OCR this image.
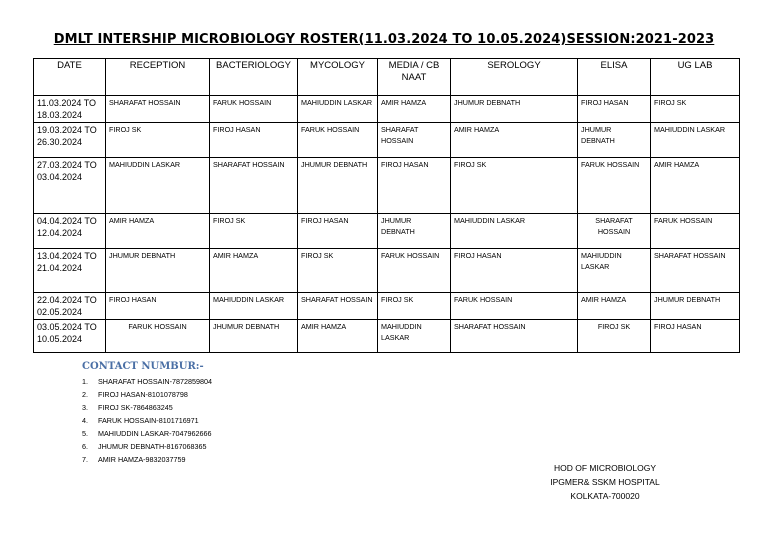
DMLT INTERSHIP MICROBIOLOGY ROSTER(11.03.2024 TO 10.05.2024)SESSION:2021-2023
DATE	RECEPTION	BACTERIOLOGY	MYCOLOGY	MEDIA / CB NAAT	SEROLOGY	ELISA	UG LAB
11.03.2024 TO 18.03.2024	SHARAFAT HOSSAIN	FARUK HOSSAIN	MAHIUDDIN LASKAR	AMIR HAMZA	JHUMUR DEBNATH	FIROJ HASAN	FIROJ SK
19.03.2024 TO 26.30.2024	FIROJ SK	FIROJ HASAN	FARUK HOSSAIN	SHARAFAT HOSSAIN	AMIR HAMZA	JHUMUR DEBNATH	MAHIUDDIN LASKAR
27.03.2024 TO 03.04.2024	MAHIUDDIN LASKAR	SHARAFAT HOSSAIN	JHUMUR DEBNATH	FIROJ HASAN	FIROJ SK	FARUK HOSSAIN	AMIR HAMZA
04.04.2024 TO 12.04.2024	AMIR HAMZA	FIROJ SK	FIROJ HASAN	JHUMUR DEBNATH	MAHIUDDIN LASKAR	SHARAFAT HOSSAIN	FARUK HOSSAIN
13.04.2024 TO 21.04.2024	JHUMUR DEBNATH	AMIR HAMZA	FIROJ SK	FARUK HOSSAIN	FIROJ HASAN	MAHIUDDIN LASKAR	SHARAFAT HOSSAIN
22.04.2024 TO 02.05.2024	FIROJ HASAN	MAHIUDDIN LASKAR	SHARAFAT HOSSAIN	FIROJ SK	FARUK HOSSAIN	AMIR HAMZA	JHUMUR DEBNATH
03.05.2024 TO 10.05.2024	FARUK HOSSAIN	JHUMUR DEBNATH	AMIR HAMZA	MAHIUDDIN LASKAR	SHARAFAT HOSSAIN	FIROJ SK	FIROJ HASAN
CONTACT NUMBUR:-
1. SHARAFAT HOSSAIN-7872859804
2. FIROJ HASAN-8101078798
3. FIROJ SK-7864863245
4. FARUK HOSSAIN-8101716971
5. MAHIUDDIN LASKAR-7047962666
6. JHUMUR DEBNATH-8167068365
7. AMIR HAMZA-9832037759
HOD OF MICROBIOLOGY
IPGMER& SSKM HOSPITAL
KOLKATA-700020
